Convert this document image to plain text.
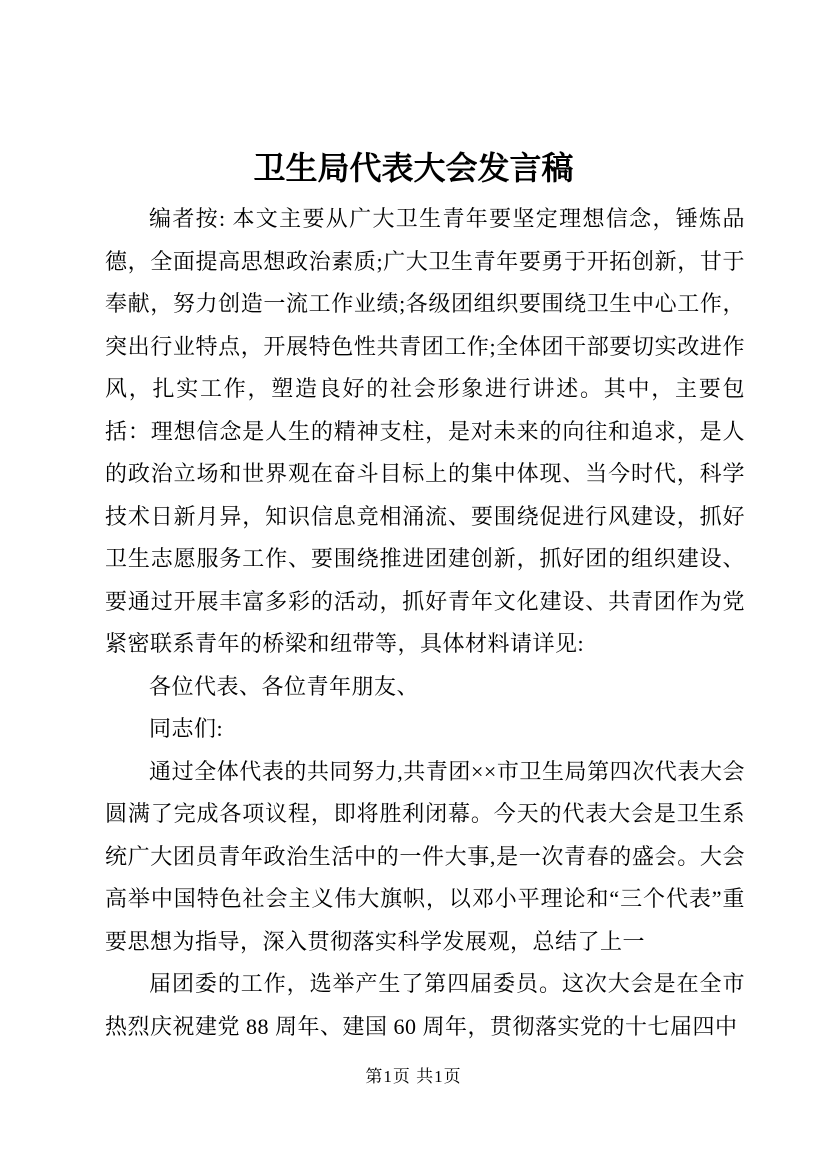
卫生局代表大会发言稿

编者按: 本文主要从广大卫生青年要坚定理想信念，锤炼品德，全面提高思想政治素质;广大卫生青年要勇于开拓创新，甘于奉献，努力创造一流工作业绩;各级团组织要围绕卫生中心工作，突出行业特点，开展特色性共青团工作;全体团干部要切实改进作风，扎实工作，塑造良好的社会形象进行讲述。其中，主要包括：理想信念是人生的精神支柱，是对未来的向往和追求，是人的政治立场和世界观在奋斗目标上的集中体现、当今时代，科学技术日新月异，知识信息竞相涌流、要围绕促进行风建设，抓好卫生志愿服务工作、要围绕推进团建创新，抓好团的组织建设、要通过开展丰富多彩的活动，抓好青年文化建设、共青团作为党紧密联系青年的桥梁和纽带等，具体材料请详见:

各位代表、各位青年朋友、

同志们:

通过全体代表的共同努力,共青团××市卫生局第四次代表大会圆满了完成各项议程，即将胜利闭幕。今天的代表大会是卫生系统广大团员青年政治生活中的一件大事,是一次青春的盛会。大会高举中国特色社会主义伟大旗帜，以邓小平理论和“三个代表”重要思想为指导，深入贯彻落实科学发展观，总结了上一

届团委的工作，选举产生了第四届委员。这次大会是在全市热烈庆祝建党 88 周年、建国 60 周年，贯彻落实党的十七届四中

第1页 共1页
